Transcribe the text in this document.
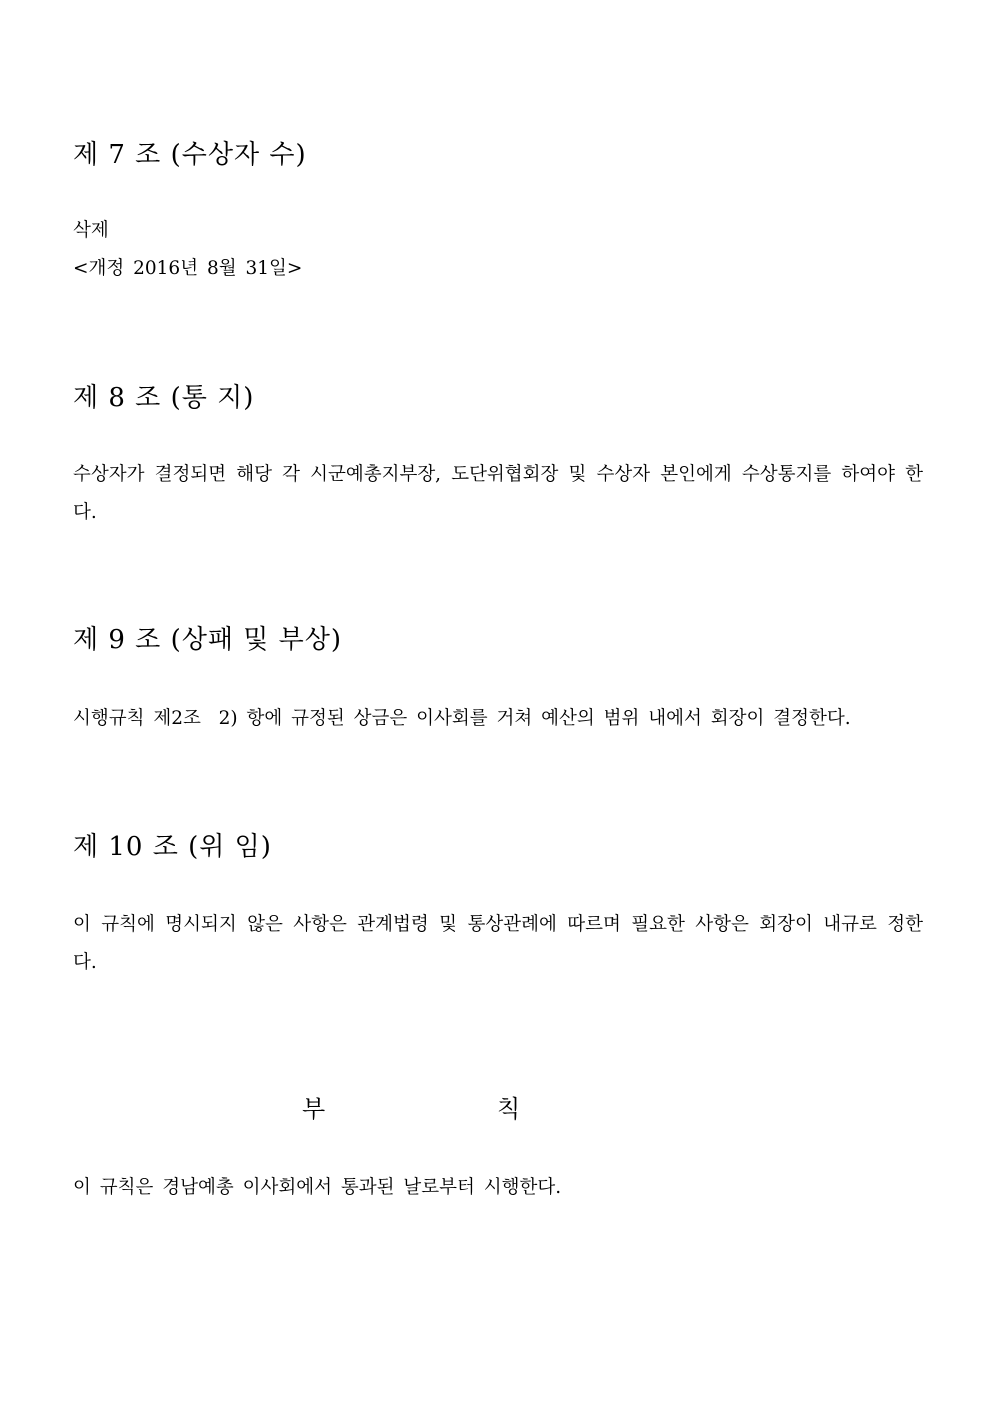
제 7 조 (수상자 수)
삭제
<개정 2016년 8월 31일>
제 8 조 (통 지)
수상자가 결정되면 해당 각 시군예총지부장, 도단위협회장 및 수상자 본인에게 수상통지를 하여야 한다.
제 9 조 (상패 및 부상)
시행규칙 제2조  2) 항에 규정된 상금은 이사회를 거쳐 예산의 범위 내에서 회장이 결정한다.
제 10 조 (위 임)
이 규칙에 명시되지 않은 사항은 관계법령 및 통상관례에 따르며 필요한 사항은 회장이 내규로 정한다.
부	칙
이 규칙은 경남예총 이사회에서 통과된 날로부터 시행한다.
